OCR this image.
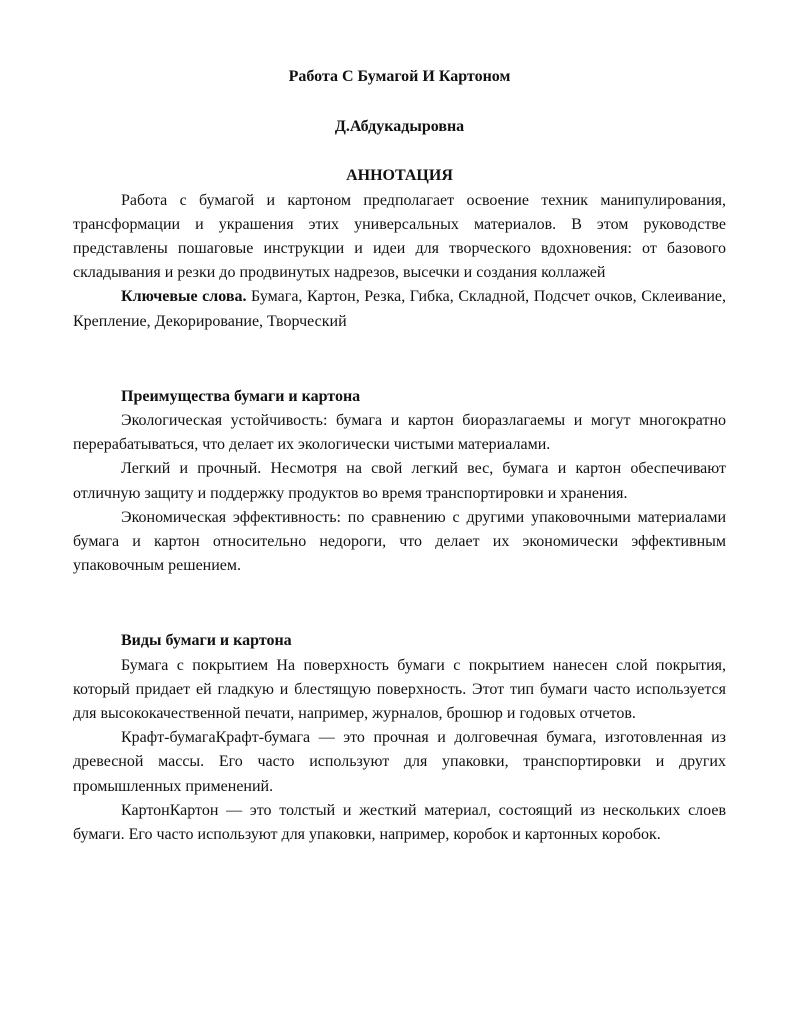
Работа С Бумагой И Картоном
Д.Абдукадыровна
АННОТАЦИЯ

Работа с бумагой и картоном предполагает освоение техник манипулирования, трансформации и украшения этих универсальных материалов. В этом руководстве представлены пошаговые инструкции и идеи для творческого вдохновения: от базового складывания и резки до продвинутых надрезов, высечки и создания коллажей

Ключевые слова. Бумага, Картон, Резка, Гибка, Складной, Подсчет очков, Склеивание, Крепление, Декорирование, Творческий

Преимущества бумаги и картона

Экологическая устойчивость: бумага и картон биоразлагаемы и могут многократно перерабатываться, что делает их экологически чистыми материалами.

Легкий и прочный. Несмотря на свой легкий вес, бумага и картон обеспечивают отличную защиту и поддержку продуктов во время транспортировки и хранения.

Экономическая эффективность: по сравнению с другими упаковочными материалами бумага и картон относительно недороги, что делает их экономически эффективным упаковочным решением.

Виды бумаги и картона

Бумага с покрытием На поверхность бумаги с покрытием нанесен слой покрытия, который придает ей гладкую и блестящую поверхность. Этот тип бумаги часто используется для высококачественной печати, например, журналов, брошюр и годовых отчетов.

Крафт-бумагаКрафт-бумага — это прочная и долговечная бумага, изготовленная из древесной массы. Его часто используют для упаковки, транспортировки и других промышленных применений.

КартонКартон — это толстый и жесткий материал, состоящий из нескольких слоев бумаги. Его часто используют для упаковки, например, коробок и картонных коробок.
